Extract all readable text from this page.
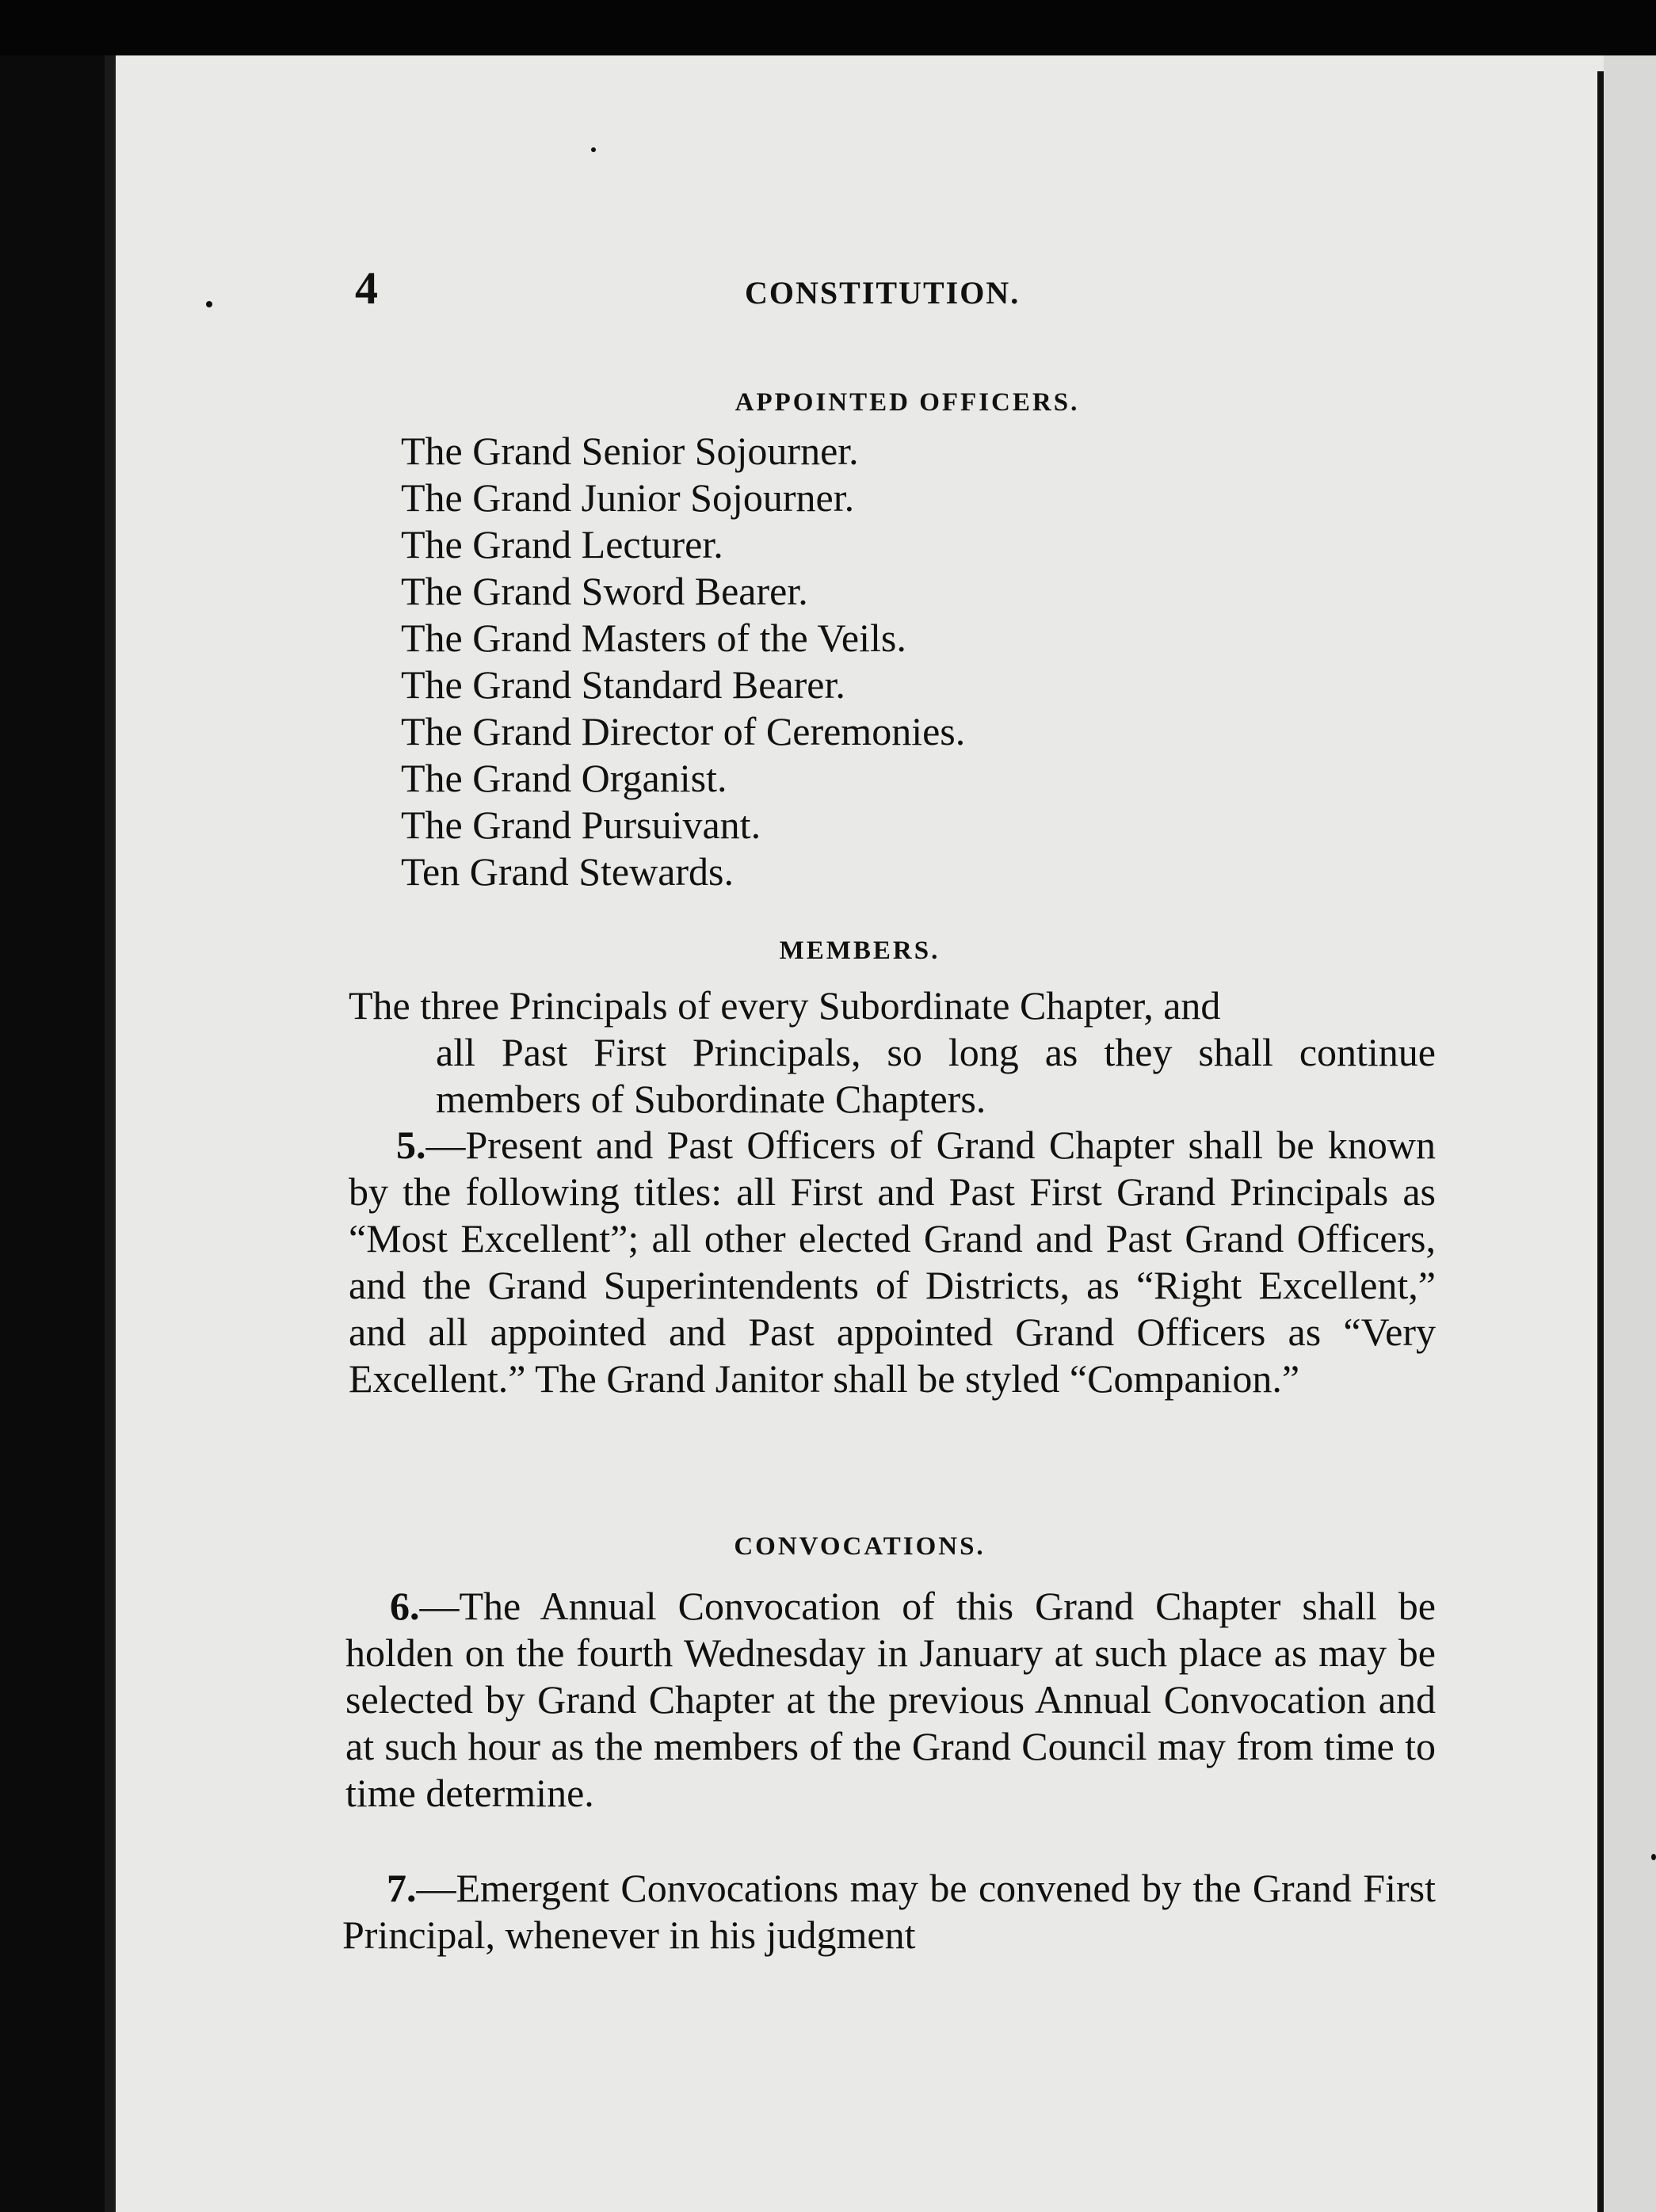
4	CONSTITUTION.
APPOINTED OFFICERS.
The Grand Senior Sojourner.
The Grand Junior Sojourner.
The Grand Lecturer.
The Grand Sword Bearer.
The Grand Masters of the Veils.
The Grand Standard Bearer.
The Grand Director of Ceremonies.
The Grand Organist.
The Grand Pursuivant.
Ten Grand Stewards.
MEMBERS.
The three Principals of every Subordinate Chapter, and
all Past First Principals, so long as they shall continue members of Subordinate Chapters.
5.—Present and Past Officers of Grand Chapter shall be known by the following titles: all First and Past First Grand Principals as “Most Excellent”; all other elected Grand and Past Grand Officers, and the Grand Superintendents of Districts, as “Right Excellent,” and all appointed and Past appointed Grand Officers as “Very Excellent.” The Grand Janitor shall be styled “Companion.”
CONVOCATIONS.
6.—The Annual Convocation of this Grand Chapter shall be holden on the fourth Wednesday in January at such place as may be selected by Grand Chapter at the previous Annual Convocation and at such hour as the members of the Grand Council may from time to time determine.
7.—Emergent Convocations may be convened by the Grand First Principal, whenever in his judgment
